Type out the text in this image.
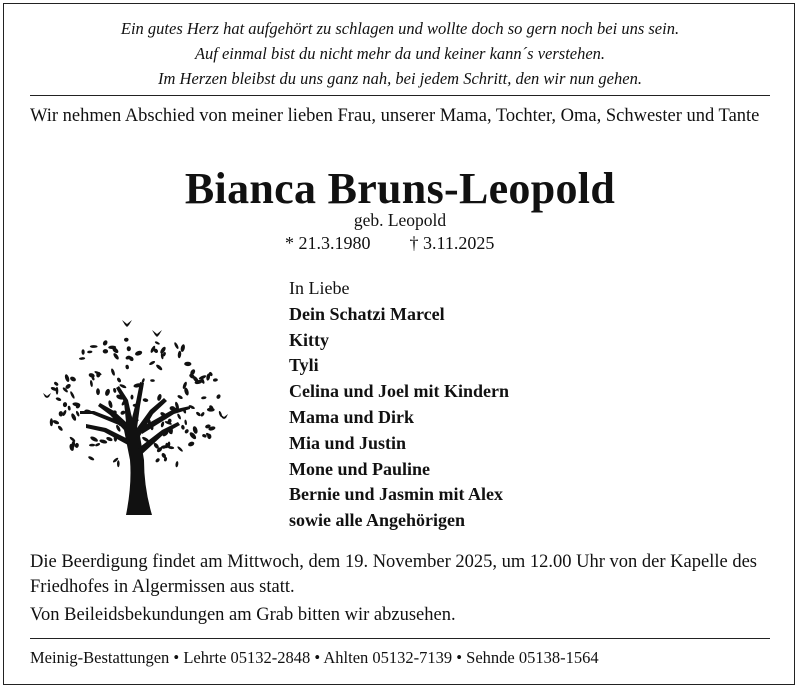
Ein gutes Herz hat aufgehört zu schlagen und wollte doch so gern noch bei uns sein.
Auf einmal bist du nicht mehr da und keiner kann´s verstehen.
Im Herzen bleibst du uns ganz nah, bei jedem Schritt, den wir nun gehen.
Wir nehmen Abschied von meiner lieben Frau, unserer Mama, Tochter, Oma, Schwester und Tante
Bianca Bruns-Leopold
geb. Leopold
* 21.3.1980 † 3.11.2025
In Liebe
Dein Schatzi Marcel
Kitty
Tyli
Celina und Joel mit Kindern
Mama und Dirk
Mia und Justin
Mone und Pauline
Bernie und Jasmin mit Alex
sowie alle Angehörigen
Die Beerdigung findet am Mittwoch, dem 19. November 2025, um 12.00 Uhr von der Kapelle des Friedhofes in Algermissen aus statt.
Von Beileidsbekundungen am Grab bitten wir abzusehen.
Meinig-Bestattungen • Lehrte 05132-2848 • Ahlten 05132-7139 • Sehnde 05138-1564
